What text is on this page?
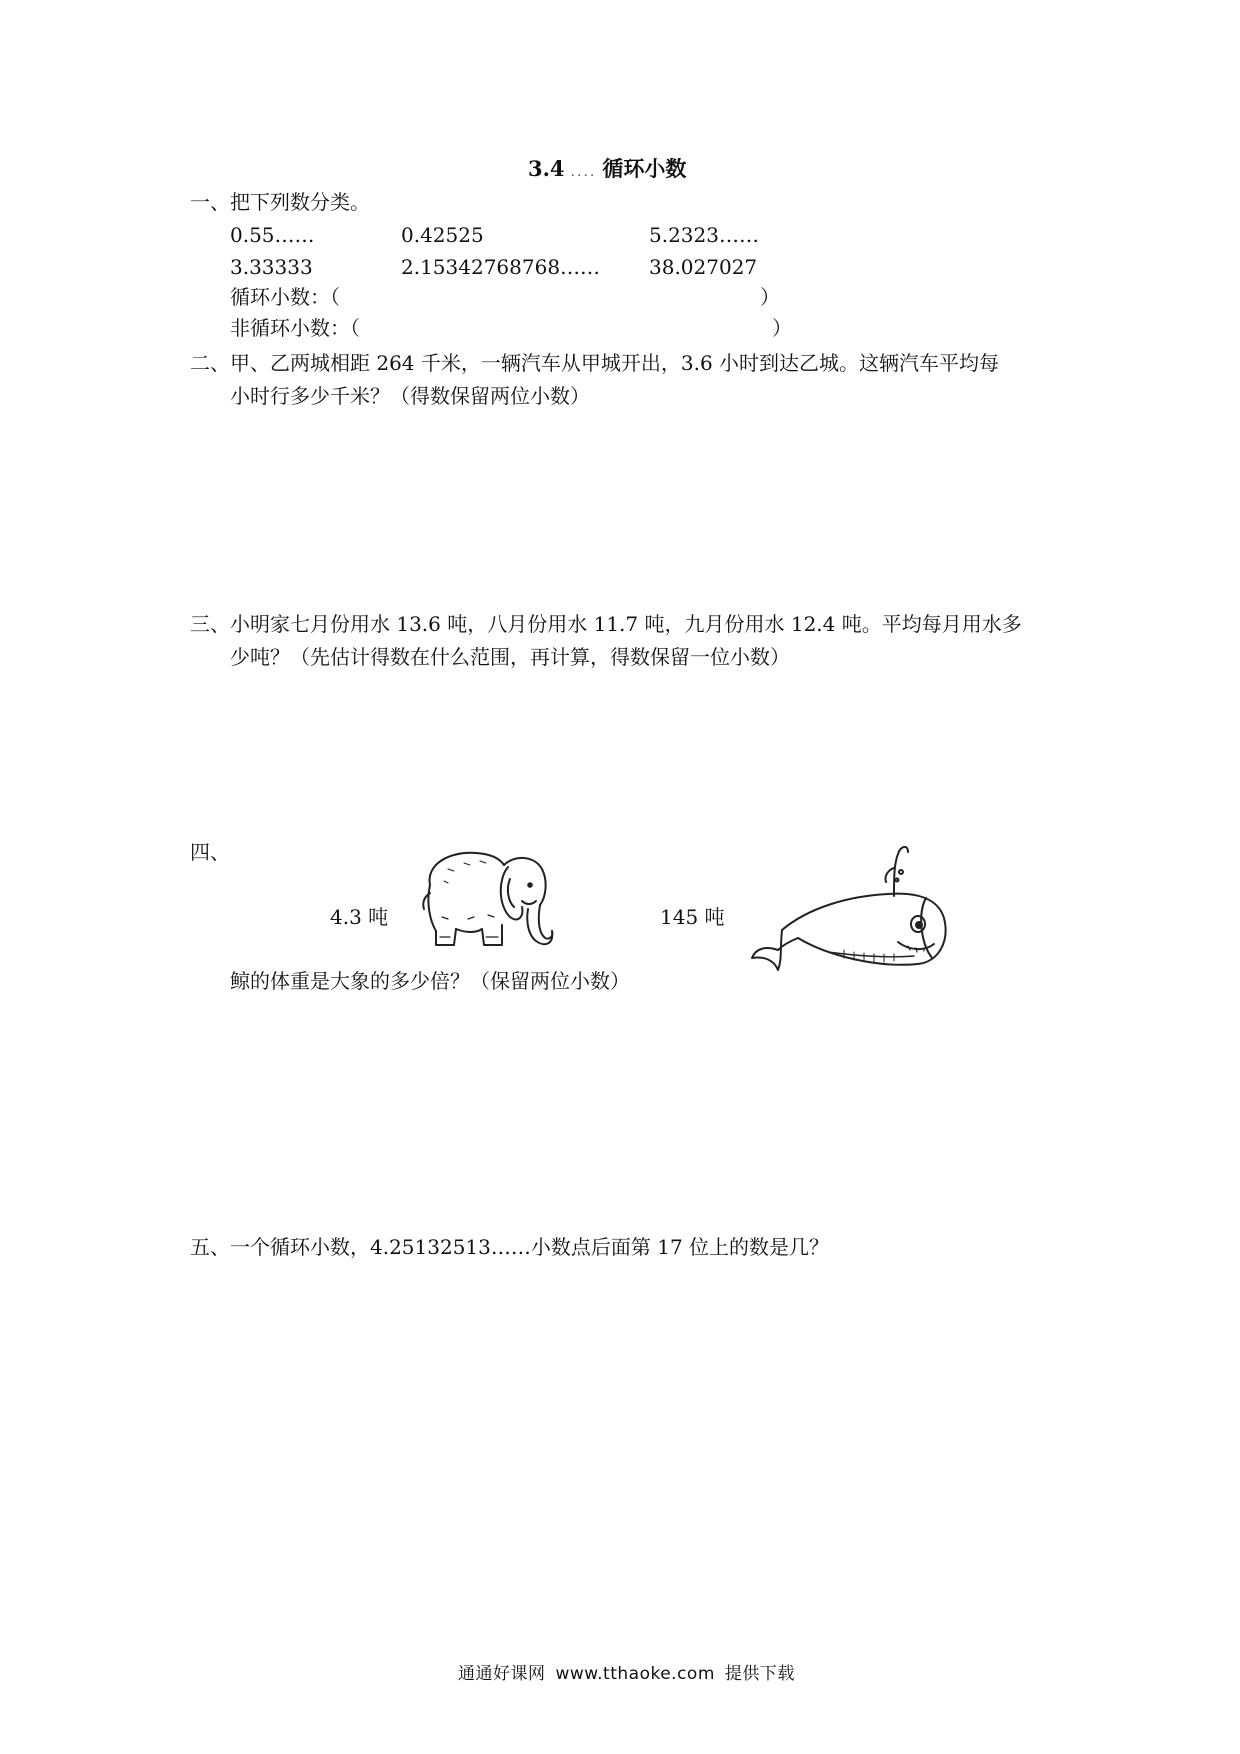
3.4 .... 循环小数
一、把下列数分类。
0.55……	0.42525	5.2323……
3.33333	2.15342768768…… 38.027027
循环小数：（	）
非循环小数：（	）
二、甲、乙两城相距 264 千米，一辆汽车从甲城开出，3.6 小时到达乙城。这辆汽车平均每
小时行多少千米？（得数保留两位小数）
三、小明家七月份用水 13.6 吨，八月份用水 11.7 吨，九月份用水 12.4 吨。平均每月用水多
少吨？（先估计得数在什么范围，再计算，得数保留一位小数）
四、
4.3 吨	145 吨
鲸的体重是大象的多少倍？（保留两位小数）
五、一个循环小数，4.25132513……小数点后面第 17 位上的数是几？
通通好课网 www.tthaoke.com 提供下载
